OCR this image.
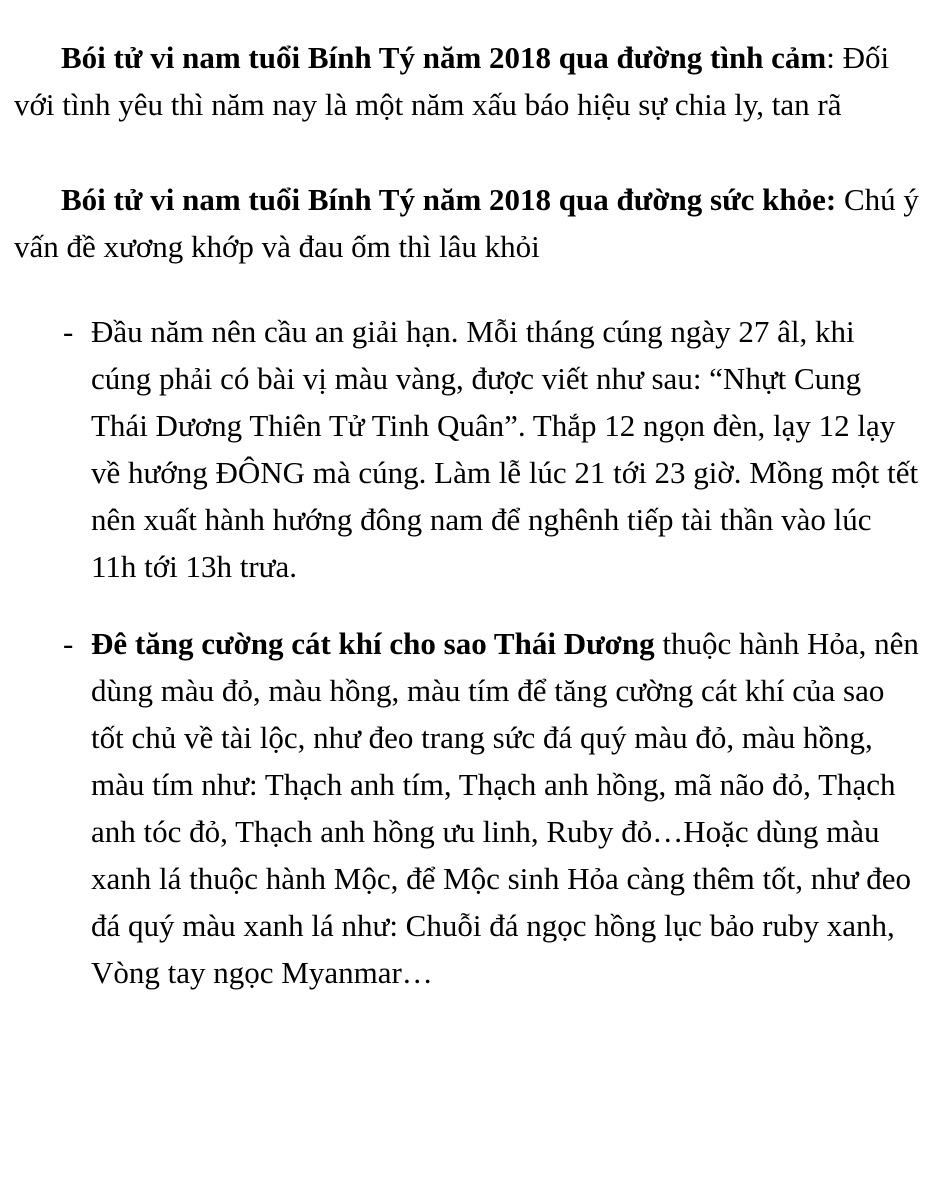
Bói tử vi nam tuổi Bính Tý năm 2018 qua đường tình cảm: Đối với tình yêu thì năm nay là một năm xấu báo hiệu sự chia ly, tan rã

Bói tử vi nam tuổi Bính Tý năm 2018 qua đường sức khỏe: Chú ý vấn đề xương khớp và đau ốm thì lâu khỏi

- Đầu năm nên cầu an giải hạn. Mỗi tháng cúng ngày 27 âl, khi cúng phải có bài vị màu vàng, được viết như sau: “Nhựt Cung Thái Dương Thiên Tử Tinh Quân”. Thắp 12 ngọn đèn, lạy 12 lạy về hướng ĐÔNG mà cúng. Làm lễ lúc 21 tới 23 giờ. Mồng một tết nên xuất hành hướng đông nam để nghênh tiếp tài thần vào lúc 11h tới 13h trưa.
- Đê tăng cường cát khí cho sao Thái Dương thuộc hành Hỏa, nên dùng màu đỏ, màu hồng, màu tím để tăng cường cát khí của sao tốt chủ về tài lộc, như đeo trang sức đá quý màu đỏ, màu hồng, màu tím như: Thạch anh tím, Thạch anh hồng, mã não đỏ, Thạch anh tóc đỏ, Thạch anh hồng ưu linh, Ruby đỏ…Hoặc dùng màu xanh lá thuộc hành Mộc, để Mộc sinh Hỏa càng thêm tốt, như đeo đá quý màu xanh lá như: Chuỗi đá ngọc hồng lục bảo ruby xanh, Vòng tay ngọc Myanmar…
